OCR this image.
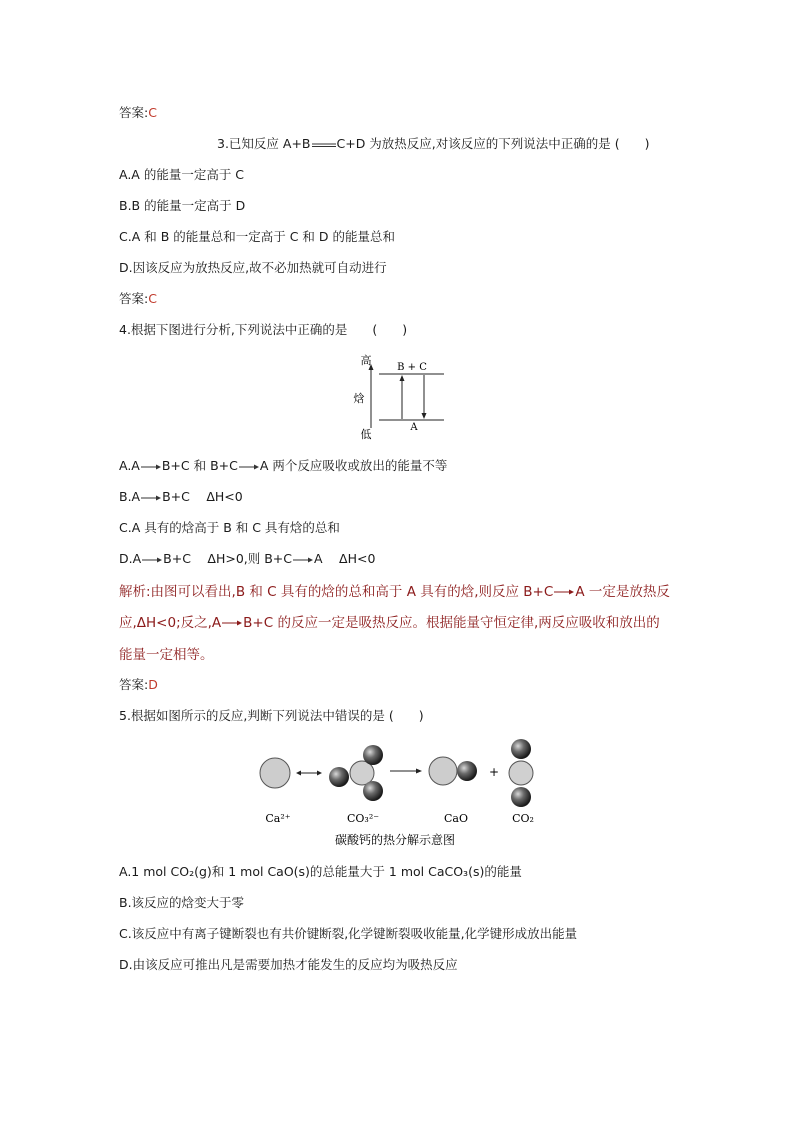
答案:C
3.已知反应 A+B C+D 为放热反应,对该反应的下列说法中正确的是 (　　)
A.A 的能量一定高于 C
B.B 的能量一定高于 D
C.A 和 B 的能量总和一定高于 C 和 D 的能量总和
D.因该反应为放热反应,故不必加热就可自动进行
答案:C
4.根据下图进行分析,下列说法中正确的是　　(　　)
高
焓
低
B + C
A
A.A→B+C 和 B+C→A 两个反应吸收或放出的能量不等
B.A→B+C　 ΔH<0
C.A 具有的焓高于 B 和 C 具有焓的总和
D.A→B+C　 ΔH>0,则 B+C→A　 ΔH<0
解析:由图可以看出,B 和 C 具有的焓的总和高于 A 具有的焓,则反应 B+C→A 一定是放热反
应,ΔH<0;反之,A→B+C 的反应一定是吸热反应。根据能量守恒定律,两反应吸收和放出的
能量一定相等。
答案:D
5.根据如图所示的反应,判断下列说法中错误的是 (　　)
+
Ca²⁺	CO₃²⁻	CaO	CO₂
碳酸钙的热分解示意图
A.1 mol CO₂(g)和 1 mol CaO(s)的总能量大于 1 mol CaCO₃(s)的能量
B.该反应的焓变大于零
C.该反应中有离子键断裂也有共价键断裂,化学键断裂吸收能量,化学键形成放出能量
D.由该反应可推出凡是需要加热才能发生的反应均为吸热反应
